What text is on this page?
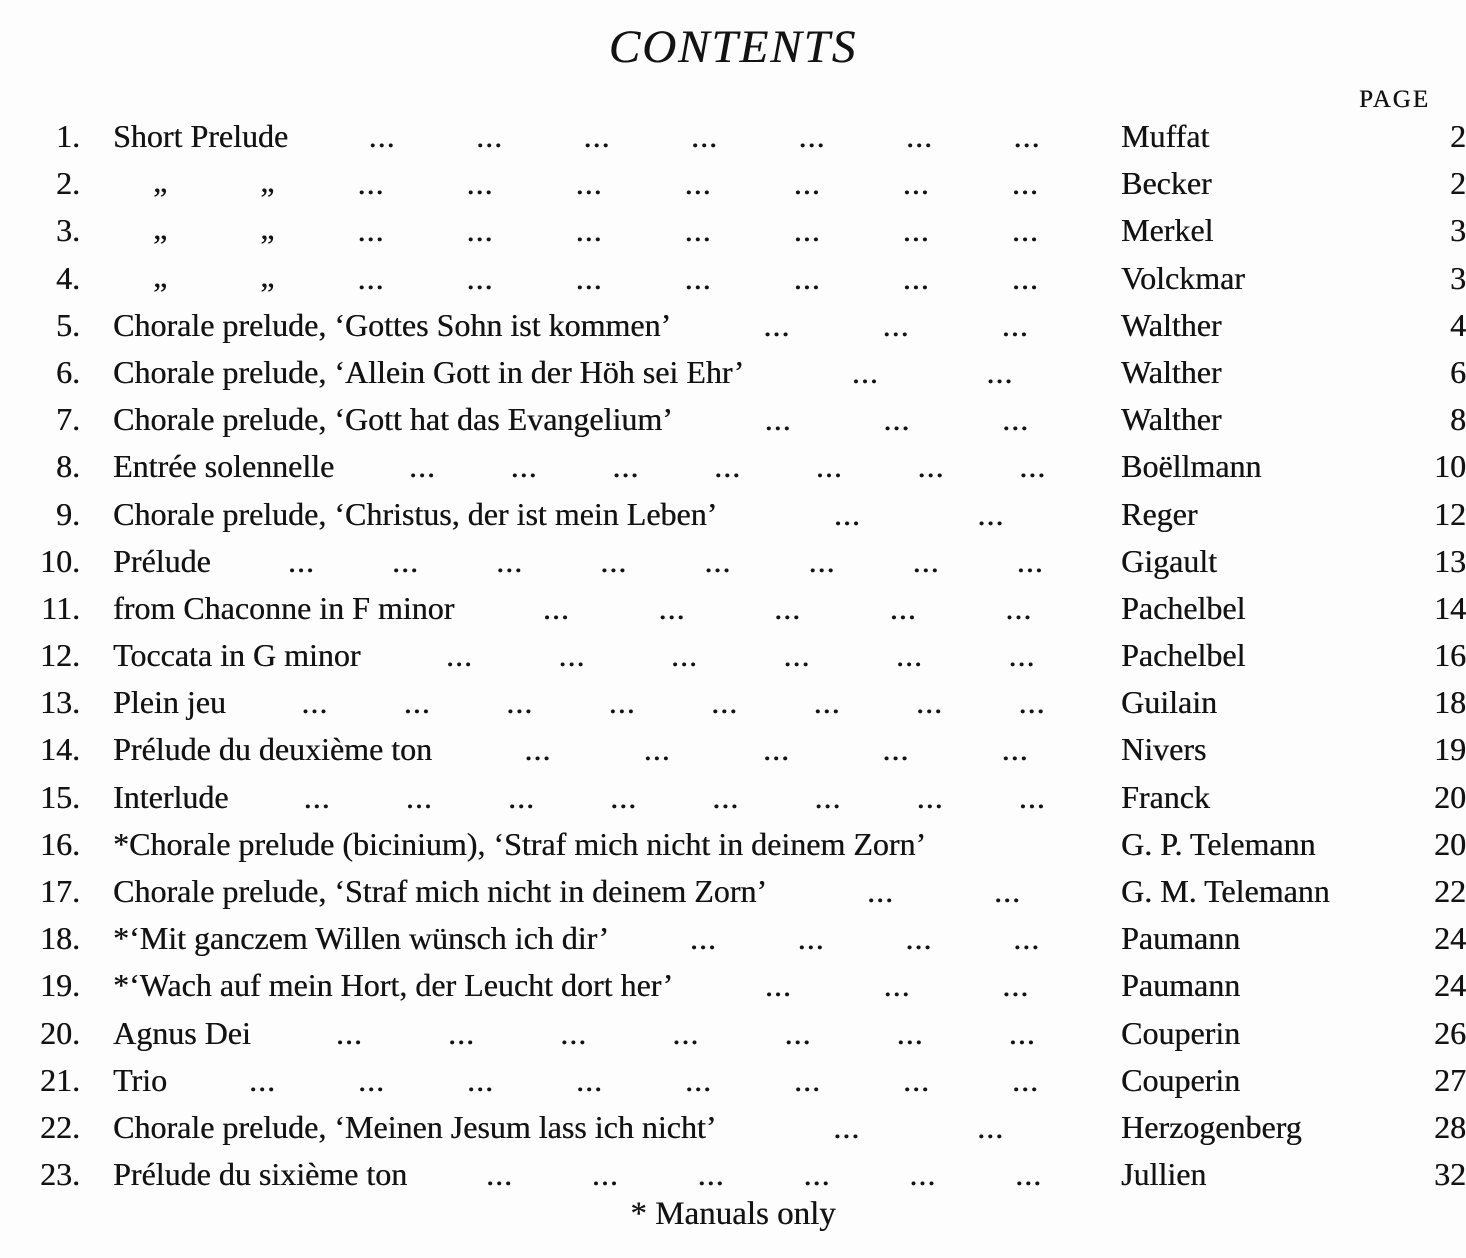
CONTENTS
PAGE
1. Short Prelude	...	...	...	...	...	...	...	Muffat	2
2.	„	„	...	...	...	...	...	...	...	Becker	2
3.	„	„	...	...	...	...	...	...	...	Merkel	3
4.	„	„	...	...	...	...	...	...	...	Volckmar	3
5. Chorale prelude, ‘Gottes Sohn ist kommen’	...	...	...	Walther	4
6. Chorale prelude, ‘Allein Gott in der Höh sei Ehr’	...	...	Walther	6
7. Chorale prelude, ‘Gott hat das Evangelium’	...	...	...	Walther	8
8. Entrée solennelle ... ... ... ... ... ... ... Boëllmann	10
9. Chorale prelude, ‘Christus, der ist mein Leben’	...	...	Reger	12
10. Prélude ... ... ... ... ... ... ... ... Gigault	13
11. from Chaconne in F minor	...	...	...	...	...	Pachelbel	14
12. Toccata in G minor	...	...	...	...	...	...	Pachelbel	16
13. Plein jeu ... ... ... ... ... ... ... ... Guilain	18
14. Prélude du deuxième ton	...	...	...	...	...	Nivers	19
15. Interlude ... ... ... ... ... ... ... ... Franck	20
16. *Chorale prelude (bicinium), ‘Straf mich nicht in deinem Zorn’	G. P. Telemann	20
17. Chorale prelude, ‘Straf mich nicht in deinem Zorn’	...	...	G. M. Telemann	22
18. *‘Mit ganczem Willen wünsch ich dir’	...	...	...	...	Paumann	24
19. *‘Wach auf mein Hort, der Leucht dort her’	...	...	...	Paumann	24
20. Agnus Dei	...	...	...	...	...	...	...	Couperin	26
21. Trio	...	...	...	...	...	...	...	...	Couperin	27
22. Chorale prelude, ‘Meinen Jesum lass ich nicht’	...	...	Herzogenberg	28
23. Prélude du sixième ton ... ... ... ... ... ... Jullien	32
* Manuals only
